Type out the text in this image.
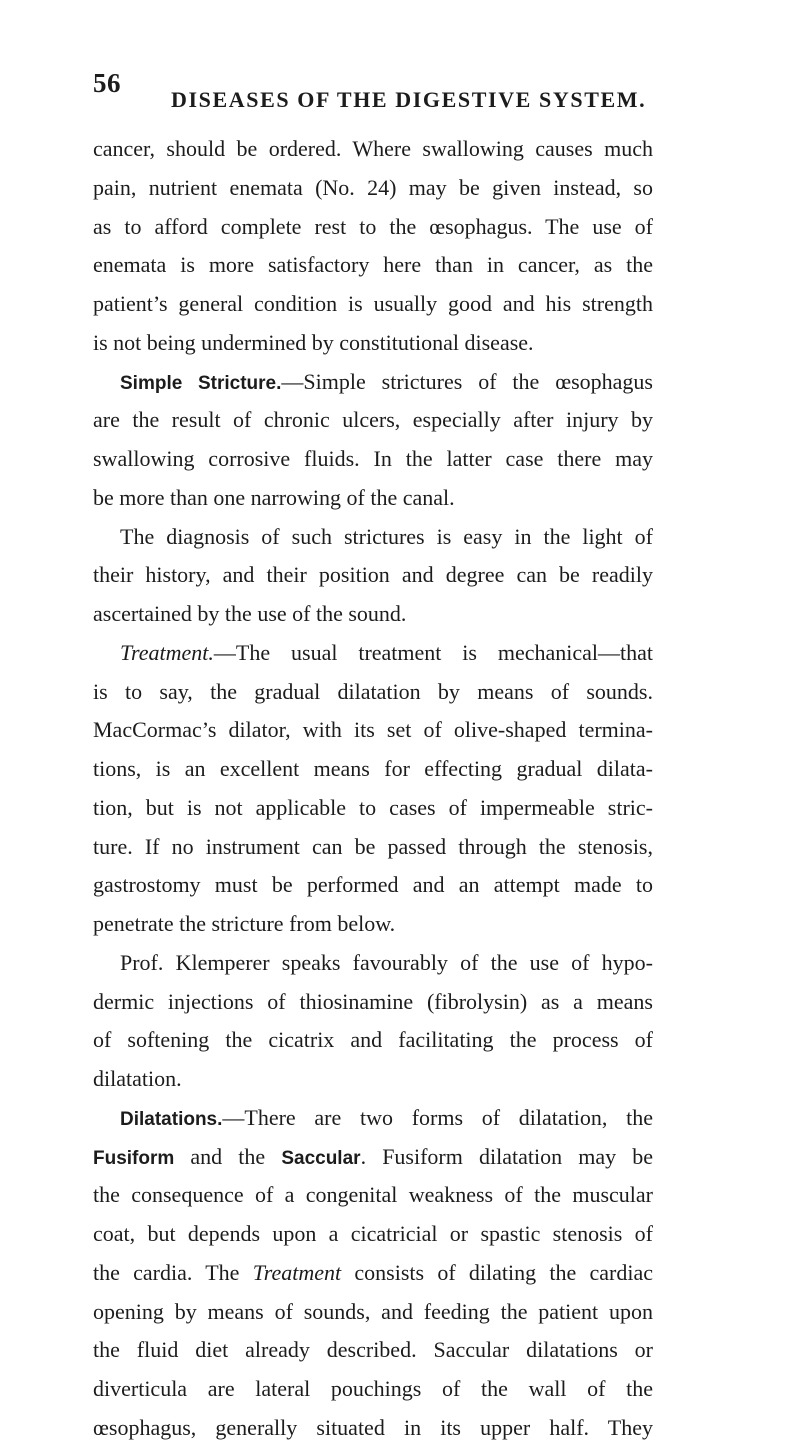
56
DISEASES OF THE DIGESTIVE SYSTEM.
cancer, should be ordered. Where swallowing causes much
pain, nutrient enemata (No. 24) may be given instead, so
as to afford complete rest to the œsophagus. The use of
enemata is more satisfactory here than in cancer, as the
patient’s general condition is usually good and his strength
is not being undermined by constitutional disease.
Simple Stricture.—Simple strictures of the œsophagus
are the result of chronic ulcers, especially after injury by
swallowing corrosive fluids. In the latter case there may
be more than one narrowing of the canal.
The diagnosis of such strictures is easy in the light of
their history, and their position and degree can be readily
ascertained by the use of the sound.
Treatment.—The usual treatment is mechanical—that
is to say, the gradual dilatation by means of sounds.
MacCormac’s dilator, with its set of olive-shaped termina-
tions, is an excellent means for effecting gradual dilata-
tion, but is not applicable to cases of impermeable stric-
ture. If no instrument can be passed through the stenosis,
gastrostomy must be performed and an attempt made to
penetrate the stricture from below.
Prof. Klemperer speaks favourably of the use of hypo-
dermic injections of thiosinamine (fibrolysin) as a means
of softening the cicatrix and facilitating the process of
dilatation.
Dilatations.—There are two forms of dilatation, the
Fusiform and the Saccular. Fusiform dilatation may be
the consequence of a congenital weakness of the muscular
coat, but depends upon a cicatricial or spastic stenosis of
the cardia. The Treatment consists of dilating the cardiac
opening by means of sounds, and feeding the patient upon
the fluid diet already described. Saccular dilatations or
diverticula are lateral pouchings of the wall of the
œsophagus, generally situated in its upper half. They
